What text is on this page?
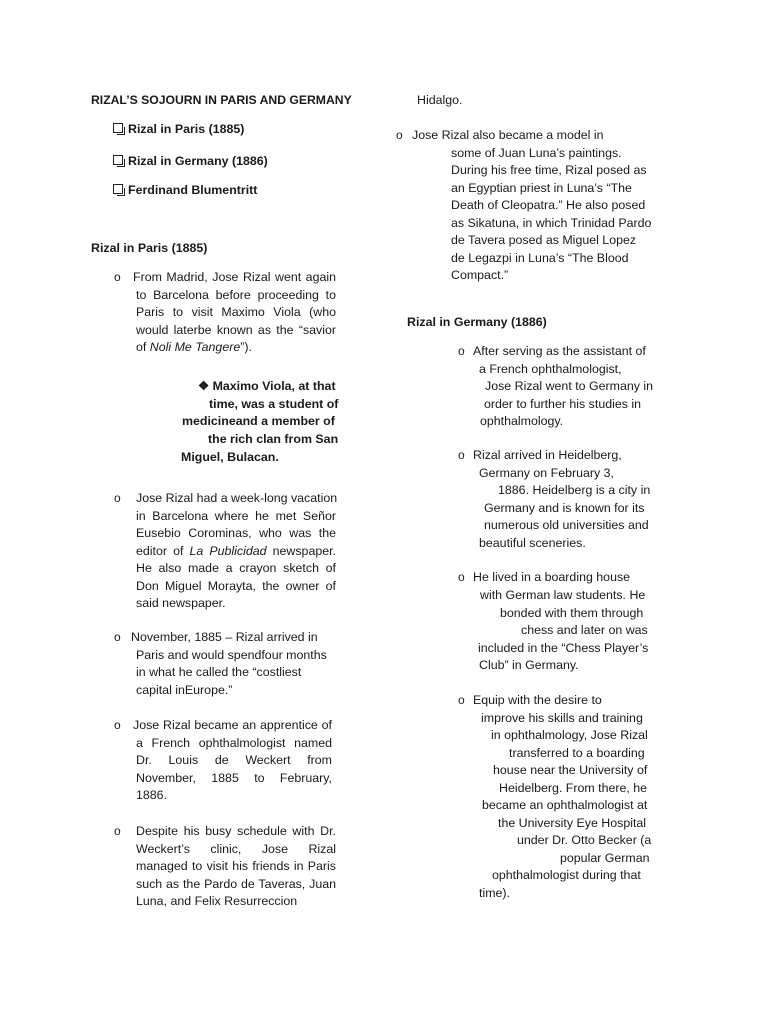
RIZAL’S SOJOURN IN PARIS AND GERMANY
Rizal in Paris (1885)
Rizal in Germany (1886)
Ferdinand Blumentritt
Rizal in Paris (1885)
o From Madrid, Jose Rizal went again
to Barcelona before proceeding to
Paris to visit Maximo Viola (who
would laterbe known as the “savior
of Noli Me Tangere”).
❖ Maximo Viola, at that
time, was a student of
medicineand a member of
the rich clan from San
Miguel, Bulacan.
o Jose Rizal had a week-long vacation
in Barcelona where he met Señor
Eusebio Corominas, who was the
editor of La Publicidad newspaper.
He also made a crayon sketch of
Don Miguel Morayta, the owner of
said newspaper.
o November, 1885 – Rizal arrived in
Paris and would spendfour months
in what he called the “costliest
capital inEurope.”
o Jose Rizal became an apprentice of
a French ophthalmologist named
Dr. Louis de Weckert from
November, 1885 to February,
1886.
o Despite his busy schedule with Dr.
Weckert’s clinic, Jose Rizal
managed to visit his friends in Paris
such as the Pardo de Taveras, Juan
Luna, and Felix Resurreccion
Hidalgo.
o Jose Rizal also became a model in
some of Juan Luna’s paintings.
During his free time, Rizal posed as
an Egyptian priest in Luna’s “The
Death of Cleopatra.” He also posed
as Sikatuna, in which Trinidad Pardo
de Tavera posed as Miguel Lopez
de Legazpi in Luna’s “The Blood
Compact.”
Rizal in Germany (1886)
o After serving as the assistant of
a French ophthalmologist,
Jose Rizal went to Germany in
order to further his studies in
ophthalmology.
o Rizal arrived in Heidelberg,
Germany on February 3,
1886. Heidelberg is a city in
Germany and is known for its
numerous old universities and
beautiful sceneries.
o He lived in a boarding house
with German law students. He
bonded with them through
chess and later on was
included in the “Chess Player’s
Club” in Germany.
o Equip with the desire to
improve his skills and training
in ophthalmology, Jose Rizal
transferred to a boarding
house near the University of
Heidelberg. From there, he
became an ophthalmologist at
the University Eye Hospital
under Dr. Otto Becker (a
popular German
ophthalmologist during that
time).
